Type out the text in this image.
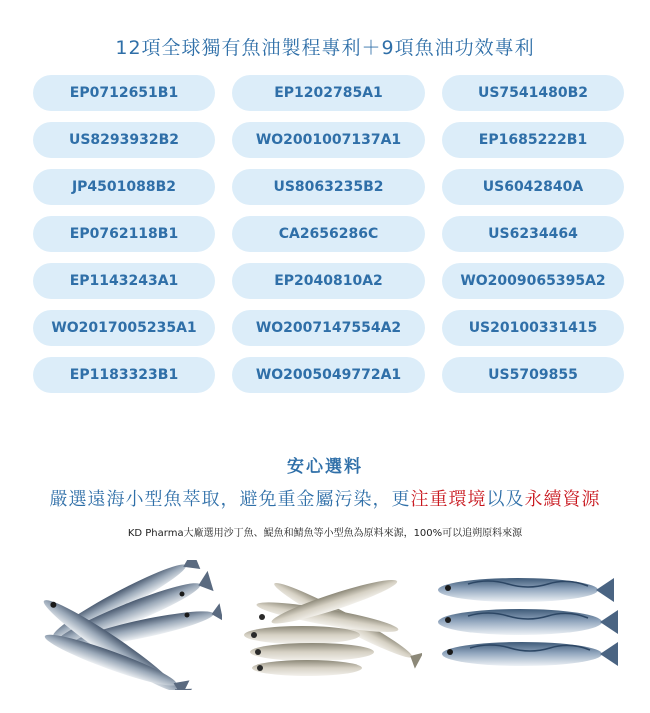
12項全球獨有魚油製程專利＋9項魚油功效專利
EP0712651B1	EP1202785A1	US7541480B2
US8293932B2	WO2001007137A1	EP1685222B1
JP4501088B2	US8063235B2	US6042840A
EP0762118B1	CA2656286C	US6234464
EP1143243A1	EP2040810A2	WO2009065395A2
WO2017005235A1	WO2007147554A2	US20100331415
EP1183323B1	WO2005049772A1	US5709855
安心選料
嚴選遠海小型魚萃取，避免重金屬污染，更注重環境以及永續資源
KD Pharma大廠選用沙丁魚、鯷魚和鯖魚等小型魚為原料來源，100%可以追朔原料來源
